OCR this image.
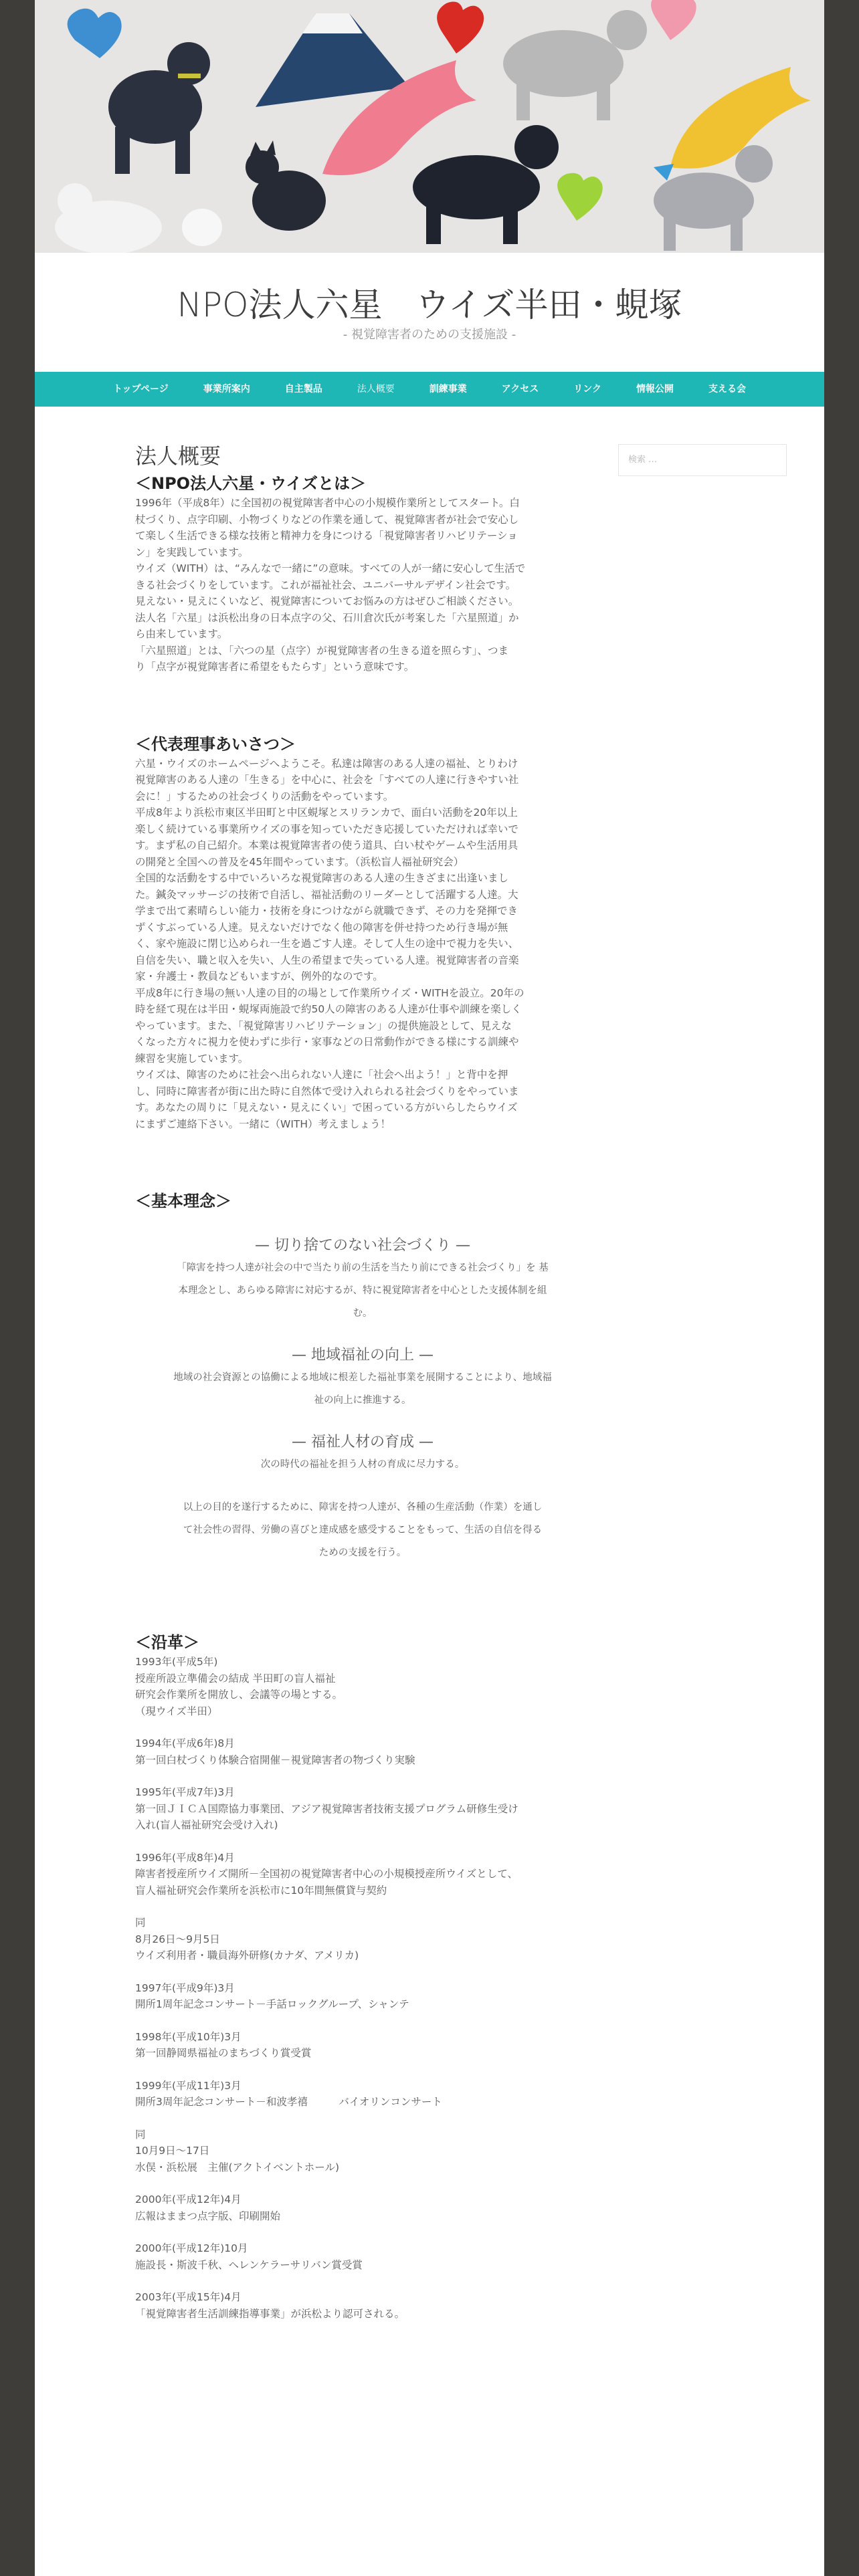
NPO法人六星　ウイズ半田・蜆塚
- 視覚障害者のための支援施設 -
トップページ	事業所案内	自主製品	法人概要	訓練事業	アクセス	リンク	情報公開	支える会
検索 …
法人概要
＜NPO法人六星・ウイズとは＞
1996年（平成8年）に全国初の視覚障害者中心の小規模作業所としてスタート。白
杖づくり、点字印刷、小物づくりなどの作業を通して、視覚障害者が社会で安心し
て楽しく生活できる様な技術と精神力を身につける「視覚障害者リハビリテーショ
ン」を実践しています。
ウイズ（WITH）は、“みんなで一緒に”の意味。すべての人が一緒に安心して生活で
きる社会づくりをしています。これが福祉社会、ユニバーサルデザイン社会です。
見えない・見えにくいなど、視覚障害についてお悩みの方はぜひご相談ください。
法人名「六星」は浜松出身の日本点字の父、石川倉次氏が考案した「六星照道」か
ら由来しています。
「六星照道」とは、「六つの星（点字）が視覚障害者の生きる道を照らす」、つま
り「点字が視覚障害者に希望をもたらす」という意味です。
＜代表理事あいさつ＞
六星・ウイズのホームページへようこそ。私達は障害のある人達の福祉、とりわけ
視覚障害のある人達の「生きる」を中心に、社会を「すべての人達に行きやすい社
会に！」するための社会づくりの活動をやっています。
平成8年より浜松市東区半田町と中区蜆塚とスリランカで、面白い活動を20年以上
楽しく続けている事業所ウイズの事を知っていただき応援していただければ幸いで
す。まず私の自己紹介。本業は視覚障害者の使う道具、白い杖やゲームや生活用具
の開発と全国への普及を45年間やっています。（浜松盲人福祉研究会）
全国的な活動をする中でいろいろな視覚障害のある人達の生きざまに出逢いまし
た。鍼灸マッサージの技術で自活し、福祉活動のリーダーとして活躍する人達。大
学まで出て素晴らしい能力・技術を身につけながら就職できず、その力を発揮でき
ずくすぶっている人達。見えないだけでなく他の障害を併せ持つため行き場が無
く、家や施設に閉じ込められ一生を過ごす人達。そして人生の途中で視力を失い、
自信を失い、職と収入を失い、人生の希望まで失っている人達。視覚障害者の音楽
家・弁護士・教員などもいますが、例外的なのです。
平成8年に行き場の無い人達の目的の場として作業所ウイズ・WITHを設立。20年の
時を経て現在は半田・蜆塚両施設で約50人の障害のある人達が仕事や訓練を楽しく
やっています。また、「視覚障害リハビリテーション」の提供施設として、見えな
くなった方々に視力を使わずに歩行・家事などの日常動作ができる様にする訓練や
練習を実施しています。
ウイズは、障害のために社会へ出られない人達に「社会へ出よう！」と背中を押
し、同時に障害者が街に出た時に自然体で受け入れられる社会づくりをやっていま
す。あなたの周りに「見えない・見えにくい」で困っている方がいらしたらウイズ
にまずご連絡下さい。一緒に（WITH）考えましょう！
＜基本理念＞
— 切り捨てのない社会づくり —
「障害を持つ人達が社会の中で当たり前の生活を当たり前にできる社会づくり」を 基
本理念とし、あらゆる障害に対応するが、特に視覚障害者を中心とした支援体制を組
む。
— 地域福祉の向上 —
地域の社会資源との協働による地域に根差した福祉事業を展開することにより、地域福
祉の向上に推進する。
— 福祉人材の育成 —
次の時代の福祉を担う人材の育成に尽力する。
以上の目的を遂行するために、障害を持つ人達が、各種の生産活動（作業）を通し
て社会性の習得、労働の喜びと達成感を感受することをもって、生活の自信を得る
ための支援を行う。
＜沿革＞
1993年(平成5年)
授産所設立準備会の結成 半田町の盲人福祉
研究会作業所を開放し、会議等の場とする。
（現ウイズ半田）
1994年(平成6年)8月
第一回白杖づくり体験合宿開催－視覚障害者の物づくり実験
1995年(平成7年)3月
第一回ＪＩＣＡ国際協力事業団、アジア視覚障害者技術支援プログラム研修生受け
入れ(盲人福祉研究会受け入れ)
1996年(平成8年)4月
障害者授産所ウイズ開所－全国初の視覚障害者中心の小規模授産所ウイズとして、
盲人福祉研究会作業所を浜松市に10年間無償貸与契約
同
8月26日〜9月5日
ウイズ利用者・職員海外研修(カナダ、アメリカ)
1997年(平成9年)3月
開所1周年記念コンサート－手話ロックグループ、シャンテ
1998年(平成10年)3月
第一回静岡県福祉のまちづくり賞受賞
1999年(平成11年)3月
開所3周年記念コンサート－和波孝禧　　　バイオリンコンサート
同
10月9日〜17日
水俣・浜松展　主催(アクトイベントホール)
2000年(平成12年)4月
広報はままつ点字版、印刷開始
2000年(平成12年)10月
施設長・斯波千秋、ヘレンケラーサリバン賞受賞
2003年(平成15年)4月
「視覚障害者生活訓練指導事業」が浜松より認可される。
